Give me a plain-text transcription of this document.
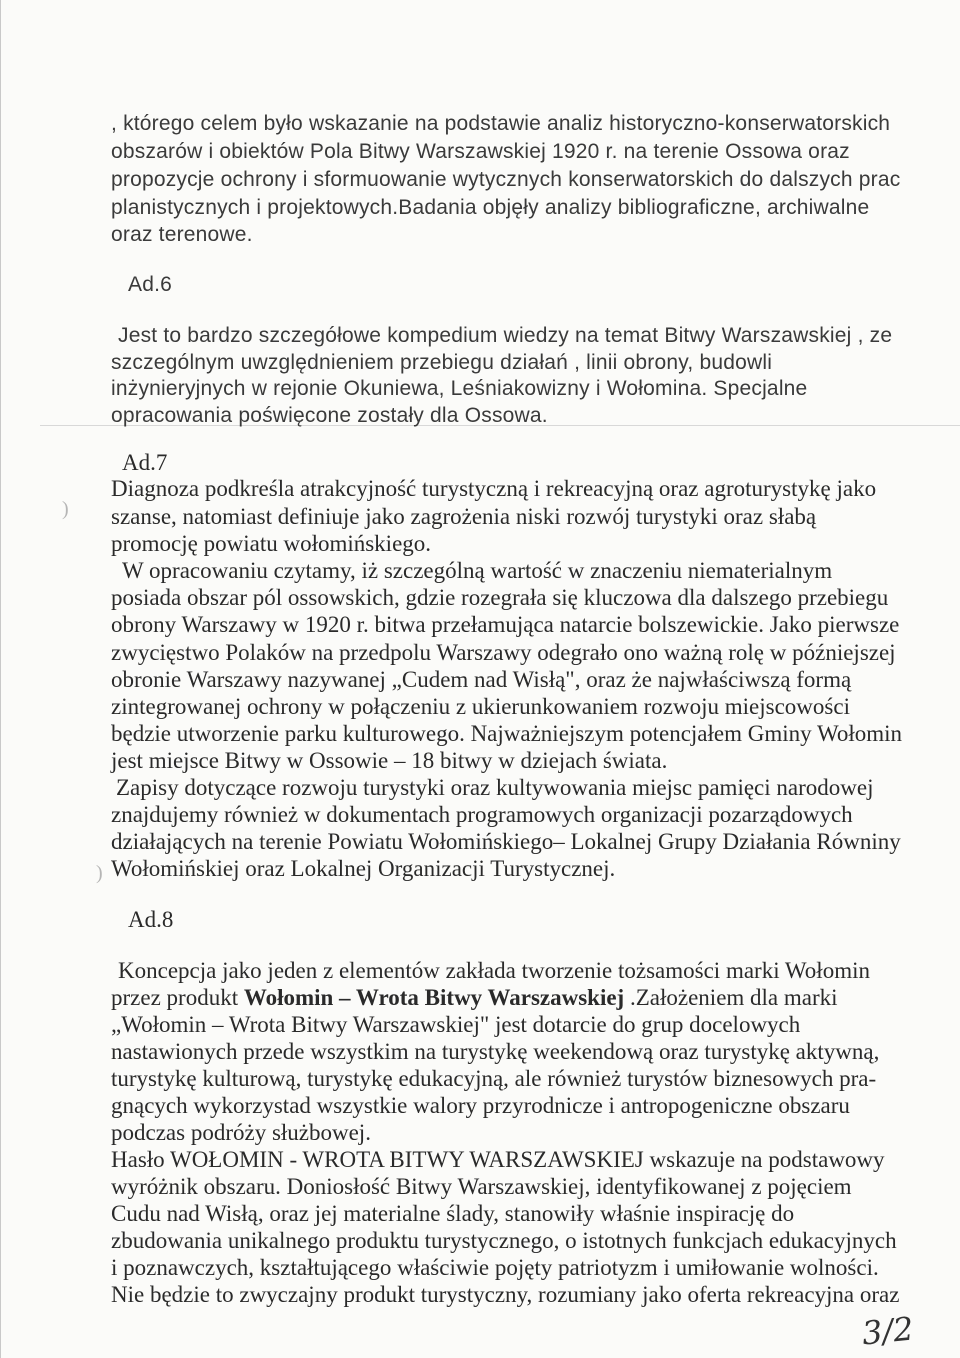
)
)
, którego celem było wskazanie na podstawie analiz historyczno-konserwatorskich
obszarów i obiektów Pola Bitwy Warszawskiej 1920 r. na terenie Ossowa oraz
propozycje ochrony i sformuowanie wytycznych konserwatorskich do dalszych prac
planistycznych i projektowych.Badania objęły analizy bibliograficzne, archiwalne
oraz terenowe.
Ad.6
Jest to bardzo szczegółowe kompedium wiedzy na temat Bitwy Warszawskiej , ze
szczególnym uwzględnieniem przebiegu działań , linii obrony, budowli
inżynieryjnych w rejonie Okuniewa, Leśniakowizny i Wołomina. Specjalne
opracowania poświęcone zostały dla Ossowa.
Ad.7
Diagnoza podkreśla atrakcyjność turystyczną i rekreacyjną oraz agroturystykę jako
szanse, natomiast definiuje jako zagrożenia niski rozwój turystyki oraz słabą
promocję powiatu wołomińskiego.
W opracowaniu czytamy, iż szczególną wartość w znaczeniu niematerialnym
posiada obszar pól ossowskich, gdzie rozegrała się kluczowa dla dalszego przebiegu
obrony Warszawy w 1920 r. bitwa przełamująca natarcie bolszewickie. Jako pierwsze
zwycięstwo Polaków na przedpolu Warszawy odegrało ono ważną rolę w późniejszej
obronie Warszawy nazywanej „Cudem nad Wisłą", oraz że najwłaściwszą formą
zintegrowanej ochrony w połączeniu z ukierunkowaniem rozwoju miejscowości
będzie utworzenie parku kulturowego. Najważniejszym potencjałem Gminy Wołomin
jest miejsce Bitwy w Ossowie – 18 bitwy w dziejach świata.
Zapisy dotyczące rozwoju turystyki oraz kultywowania miejsc pamięci narodowej
znajdujemy również w dokumentach programowych organizacji pozarządowych
działających na terenie Powiatu Wołomińskiego– Lokalnej Grupy Działania Równiny
Wołomińskiej oraz Lokalnej Organizacji Turystycznej.
Ad.8
Koncepcja jako jeden z elementów zakłada tworzenie tożsamości marki Wołomin
przez produkt Wołomin – Wrota Bitwy Warszawskiej .Założeniem dla marki
„Wołomin – Wrota Bitwy Warszawskiej" jest dotarcie do grup docelowych
nastawionych przede wszystkim na turystykę weekendową oraz turystykę aktywną,
turystykę kulturową, turystykę edukacyjną, ale również turystów biznesowych pra-
gnących wykorzystad wszystkie walory przyrodnicze i antropogeniczne obszaru
podczas podróży służbowej.
Hasło WOŁOMIN - WROTA BITWY WARSZAWSKIEJ wskazuje na podstawowy
wyróżnik obszaru. Doniosłość Bitwy Warszawskiej, identyfikowanej z pojęciem
Cudu nad Wisłą, oraz jej materialne ślady, stanowiły właśnie inspirację do
zbudowania unikalnego produktu turystycznego, o istotnych funkcjach edukacyjnych
i poznawczych, kształtującego właściwie pojęty patriotyzm i umiłowanie wolności.
Nie będzie to zwyczajny produkt turystyczny, rozumiany jako oferta rekreacyjna oraz
3/2
